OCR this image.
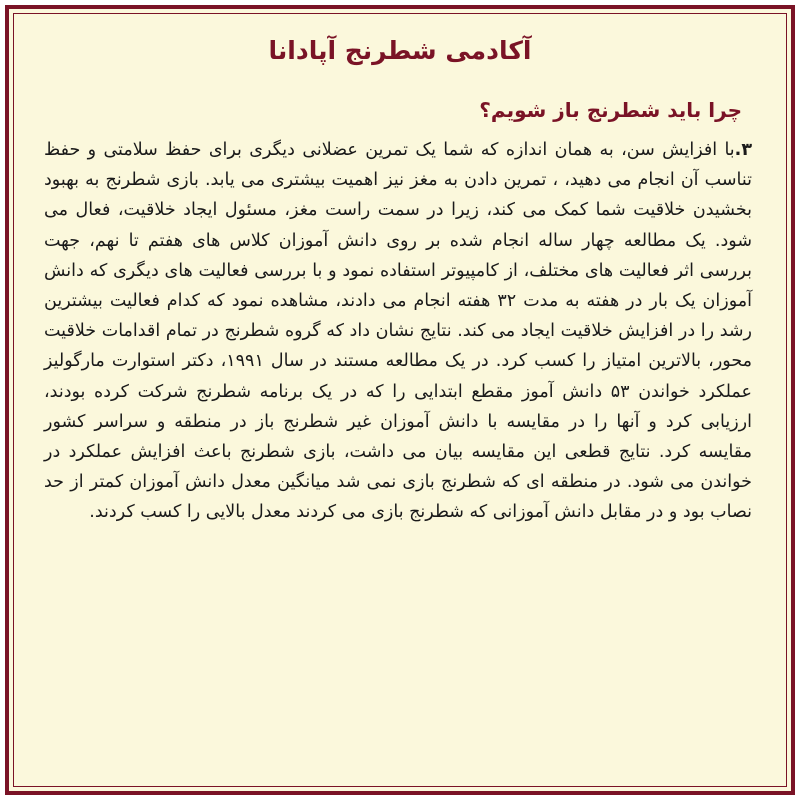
آکادمی شطرنج آپادانا
چرا باید شطرنج باز شویم؟

۳.با افزایش سن، به همان اندازه که شما یک تمرین عضلانی دیگری برای حفظ سلامتی و حفظ تناسب آن انجام می دهید، ، تمرین دادن به مغز نیز اهمیت بیشتری می یابد. بازی شطرنج به بهبود بخشیدن خلاقیت شما کمک می کند، زیرا در سمت راست مغز، مسئول ایجاد خلاقیت، فعال می شود. یک مطالعه چهار ساله انجام شده بر روی دانش آموزان کلاس های هفتم تا نهم، جهت بررسی اثر فعالیت های مختلف، از کامپیوتر استفاده نمود و با بررسی فعالیت های دیگری که دانش آموزان یک بار در هفته به مدت ۳۲ هفته انجام می دادند، مشاهده نمود که کدام فعالیت بیشترین رشد را در افزایش خلاقیت ایجاد می کند. نتایج نشان داد که گروه شطرنج در تمام اقدامات خلاقیت محور، بالاترین امتیاز را کسب کرد. در یک مطالعه مستند در سال ۱۹۹۱، دکتر استوارت مارگولیز عملکرد خواندن ۵۳ دانش آموز مقطع ابتدایی را که در یک برنامه شطرنج شرکت کرده بودند، ارزیابی کرد و آنها را در مقایسه با دانش آموزان غیر شطرنج باز در منطقه و سراسر کشور مقایسه کرد. نتایج قطعی این مقایسه بیان می داشت، بازی شطرنج باعث افزایش عملکرد در خواندن می شود. در منطقه ای که شطرنج بازی نمی شد میانگین معدل دانش آموزان کمتر از حد نصاب بود و در مقابل دانش آموزانی که شطرنج بازی می کردند معدل بالایی را کسب کردند.
